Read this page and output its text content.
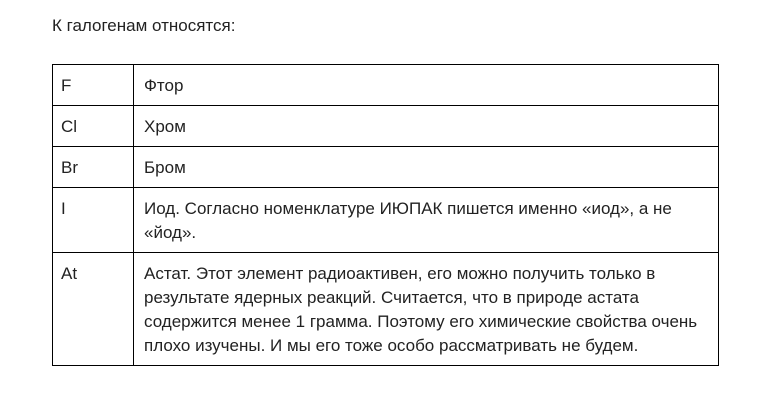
К галогенам относятся:

F	Фтор
Cl	Хром
Br	Бром
I	Иод. Согласно номенклатуре ИЮПАК пишется именно «иод», а не «йод».
At	Астат. Этот элемент радиоактивен, его можно получить только в результате ядерных реакций. Считается, что в природе астата содержится менее 1 грамма. Поэтому его химические свойства очень плохо изучены. И мы его тоже особо рассматривать не будем.
